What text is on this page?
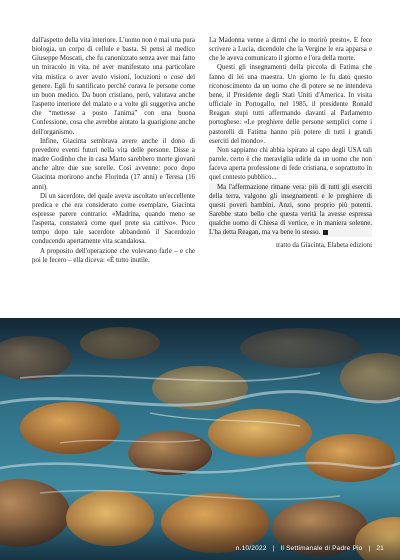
dall'aspetto della vita interiore. L'uomo non è mai una pura biologia, un corpo di cellule e basta. Si pensi al medico Giuseppe Moscati, che fu canonizzato senza aver mai fatto un miracolo in vita, né aver manifestato una particolare vita mistica o aver avuto visioni, locuzioni o cose del genere. Egli fu santificato perché curava le persone come un buon medico. Da buon cristiano, però, valutava anche l'aspetto interiore del malato e a volte gli suggeriva anche che “mettesse a posto l'anima” con una buona Confessione, cosa che avrebbe aiutato la guarigione anche dell'organismo.

Infine, Giacinta sembrava avere anche il dono di prevedere eventi futuri nella vita delle persone. Disse a madre Godinho che in casa Marto sarebbero morte giovani anche altre due sue sorelle. Così avvenne: poco dopo Giacinta morirono anche Florinda (17 anni) e Teresa (16 anni).

Di un sacerdote, del quale aveva ascoltato un'eccellente predica e che era considerato come esemplare, Giacinta espresse parere contrario: «Madrina, quando meno se l'aspetta, constaterà come quel prete sia cattivo». Poco tempo dopo tale sacerdote abbandonò il Sacerdozio conducendo apertamente vita scandalosa.

A proposito dell'operazione che volevano farle – e che poi le fecero – ella diceva: «È tutto inutile.

La Madonna venne a dirmi che io morirò presto». E fece scrivere a Lucia, dicendole che la Vergine le era apparsa e che le aveva comunicato il giorno e l'ora della morte.

Questi gli insegnamenti della piccola di Fatima che fanno di lei una maestra. Un giorno le fu dato questo riconoscimento da un uomo che di potere se ne intendeva bene, il Presidente degli Stati Uniti d'America. In visita ufficiale in Portogallo, nel 1985, il presidente Ronald Reagan stupì tutti affermando davanti al Parlamento portoghese: «Le preghiere delle persone semplici come i pastorelli di Fatima hanno più potere di tutti i grandi eserciti del mondo».

Non sappiamo chi abbia ispirato al capo degli USA tali parole, certo è che meraviglia udirle da un uomo che non faceva aperta professione di fede cristiana, e soprattutto in quel contesto pubblico...

Ma l'affermazione rimane vera: più di tutti gli eserciti della terra, valgono gli insegnamenti e le preghiere di questi poveri bambini. Anzi, sono proprio più potenti. Sarebbe stato bello che questa verità la avesse espressa qualche uomo di Chiesa di vertice, e in maniera solenne. L'ha detta Reagan, ma va bene lo stesso.

tratto da Giacinta, Elabeta edizioni
n.10/2022 | Il Settimanale di Padre Pio | 21
